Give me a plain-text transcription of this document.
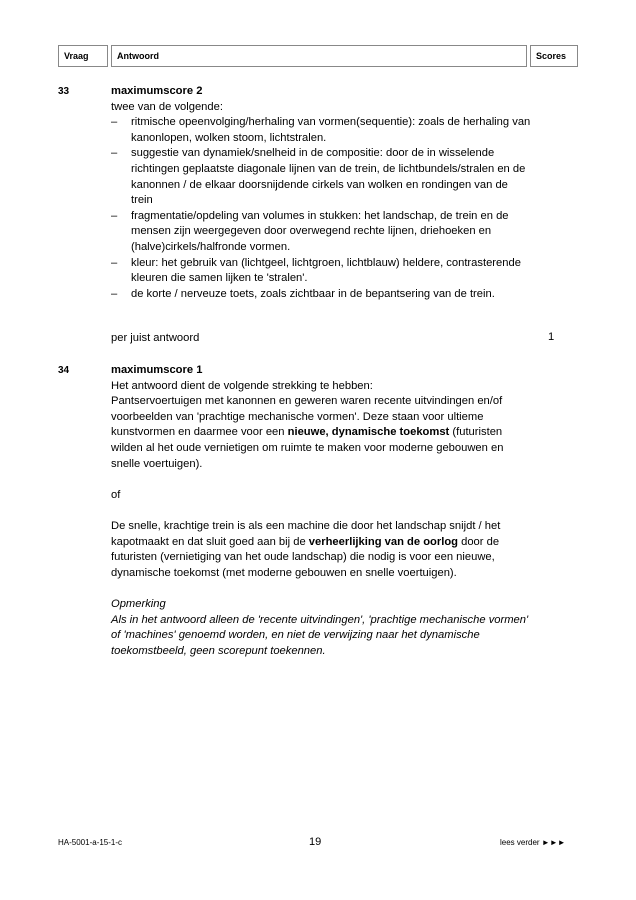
Vraag	Antwoord	Scores
33	maximumscore 2

twee van de volgende:

– ritmische opeenvolging/herhaling van vormen(sequentie): zoals de herhaling van kanonlopen, wolken stoom, lichtstralen.
– suggestie van dynamiek/snelheid in de compositie: door de in wisselende richtingen geplaatste diagonale lijnen van de trein, de lichtbundels/stralen en de kanonnen / de elkaar doorsnijdende cirkels van wolken en rondingen van de trein
– fragmentatie/opdeling van volumes in stukken: het landschap, de trein en de mensen zijn weergegeven door overwegend rechte lijnen, driehoeken en (halve)cirkels/halfronde vormen.
– kleur: het gebruik van (lichtgeel, lichtgroen, lichtblauw) heldere, contrasterende kleuren die samen lijken te 'stralen'.
– de korte / nerveuze toets, zoals zichtbaar in de bepantsering van de trein.
per juist antwoord	1
34	maximumscore 1

Het antwoord dient de volgende strekking te hebben:

Pantservoertuigen met kanonnen en geweren waren recente uitvindingen en/of voorbeelden van 'prachtige mechanische vormen'. Deze staan voor ultieme kunstvormen en daarmee voor een nieuwe, dynamische toekomst (futuristen wilden al het oude vernietigen om ruimte te maken voor moderne gebouwen en snelle voertuigen).

of

De snelle, krachtige trein is als een machine die door het landschap snijdt / het kapotmaakt en dat sluit goed aan bij de verheerlijking van de oorlog door de futuristen (vernietiging van het oude landschap) die nodig is voor een nieuwe, dynamische toekomst (met moderne gebouwen en snelle voertuigen).

Opmerking

Als in het antwoord alleen de 'recente uitvindingen', 'prachtige mechanische vormen' of 'machines' genoemd worden, en niet de verwijzing naar het dynamische toekomstbeeld, geen scorepunt toekennen.

HA-5001-a-15-1-c	19	lees verder ►►►
